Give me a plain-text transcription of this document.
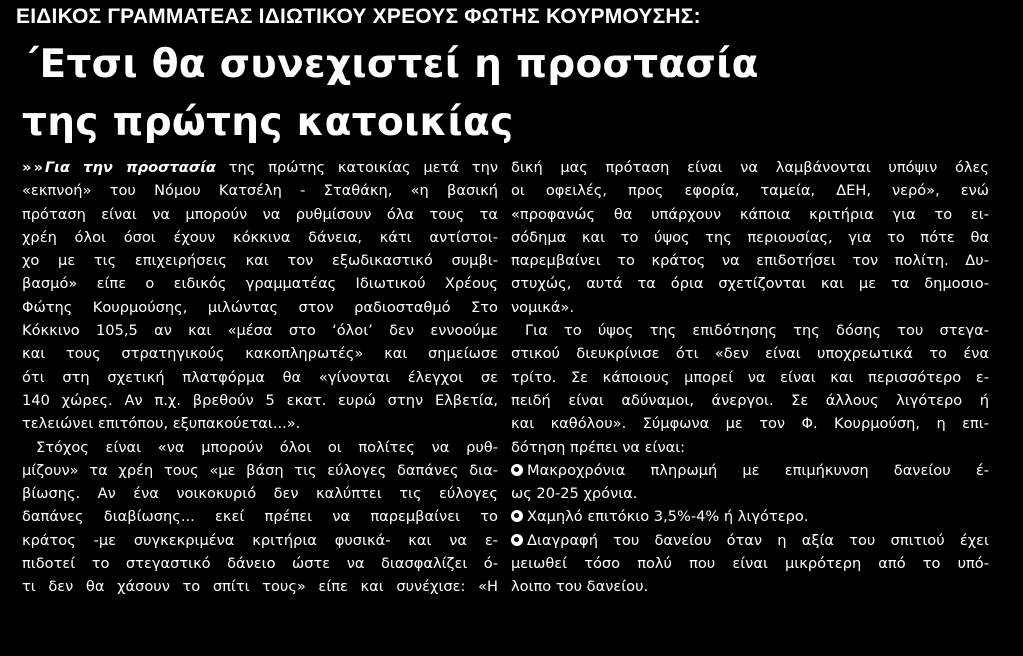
ΕΙΔΙΚΟΣ ΓΡΑΜΜΑΤΕΑΣ ΙΔΙΩΤΙΚΟΥ ΧΡΕΟΥΣ ΦΩΤΗΣ ΚΟΥΡΜΟΥΣΗΣ:
΄Ετσι θα συνεχιστεί η προστασία
της πρώτης κατοικίας
» » Για την προστασία της πρώτης κατοικίας μετά την
«εκπνοή» του Νόμου Κατσέλη - Σταθάκη, «η βασική
πρόταση είναι να μπορούν να ρυθμίσουν όλα τους τα
χρέη όλοι όσοι έχουν κόκκινα δάνεια, κάτι αντίστοι-
χο με τις επιχειρήσεις και τον εξωδικαστικό συμβι-
βασμό» είπε ο ειδικός γραμματέας Ιδιωτικού Χρέους
Φώτης Κουρμούσης, μιλώντας στον ραδιοσταθμό Στο
Κόκκινο 105,5 αν και «μέσα στο ‘όλοι’ δεν εννοούμε
και τους στρατηγικούς κακοπληρωτές» και σημείωσε
ότι στη σχετική πλατφόρμα θα «γίνονται έλεγχοι σε
140 χώρες. Αν π.χ. βρεθούν 5 εκατ. ευρώ στην Ελβετία,
τελειώνει επιτόπου, εξυπακούεται...».
Στόχος είναι «να μπορούν όλοι οι πολίτες να ρυθ-
μίζουν» τα χρέη τους «με βάση τις εύλογες δαπάνες δια-
βίωσης. Αν ένα νοικοκυριό δεν καλύπτει τις εύλογες
δαπάνες διαβίωσης... εκεί πρέπει να παρεμβαίνει το
κράτος -με συγκεκριμένα κριτήρια φυσικά- και να ε-
πιδοτεί το στεγαστικό δάνειο ώστε να διασφαλίζει ό-
τι δεν θα χάσουν το σπίτι τους» είπε και συνέχισε: «Η
δική μας πρόταση είναι να λαμβάνονται υπόψιν όλες
οι οφειλές, προς εφορία, ταμεία, ΔΕΗ, νερό», ενώ
«προφανώς θα υπάρχουν κάποια κριτήρια για το ει-
σόδημα και το ύψος της περιουσίας, για το πότε θα
παρεμβαίνει το κράτος να επιδοτήσει τον πολίτη. Δυ-
στυχώς, αυτά τα όρια σχετίζονται και με τα δημοσιο-
νομικά».
Για το ύψος της επιδότησης της δόσης του στεγα-
στικού διευκρίνισε ότι «δεν είναι υποχρεωτικά το ένα
τρίτο. Σε κάποιους μπορεί να είναι και περισσότερο ε-
πειδή είναι αδύναμοι, άνεργοι. Σε άλλους λιγότερο ή
και καθόλου». Σύμφωνα με τον Φ. Κουρμούση, η επι-
δότηση πρέπει να είναι:
Μακροχρόνια πληρωμή με επιμήκυνση δανείου έ-
ως 20-25 χρόνια.
Χαμηλό επιτόκιο 3,5%-4% ή λιγότερο.
Διαγραφή του δανείου όταν η αξία του σπιτιού έχει
μειωθεί τόσο πολύ που είναι μικρότερη από το υπό-
λοιπο του δανείου.
